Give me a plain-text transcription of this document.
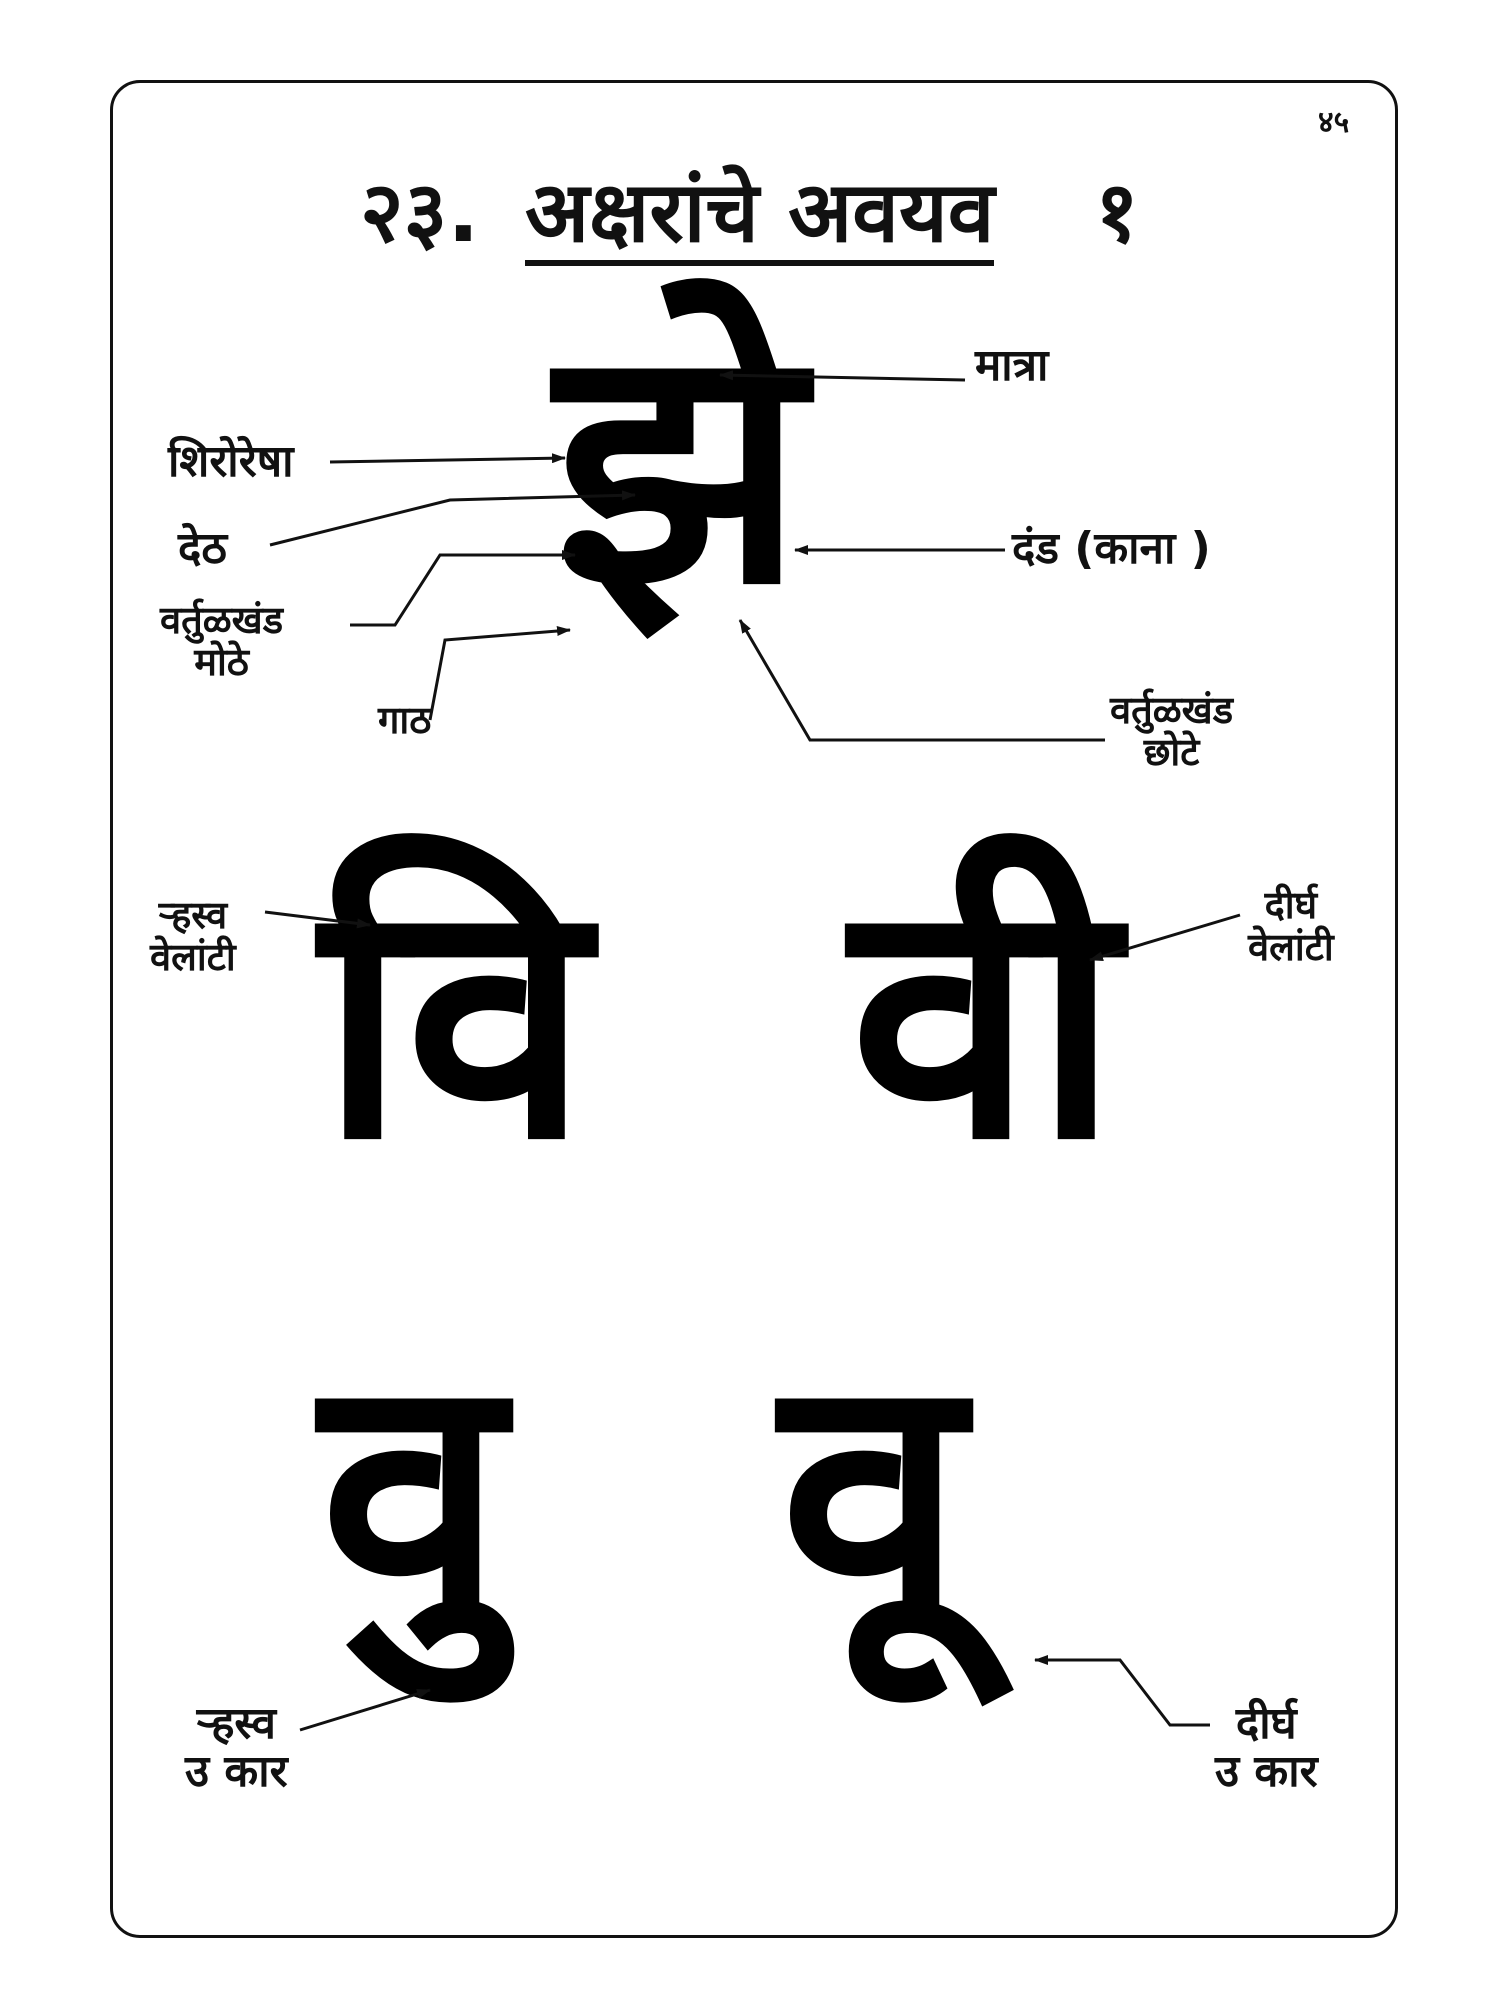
४५
२३. अक्षरांचे अवयव १
झे	मात्रा
शिरोरेषा
देठ
वर्तुळखंड
मोठे
गाठ
दंड (काना )
वर्तुळखंड
छोटे
वि वी
ऱ्हस्व
वेलांटी
दीर्घ
वेलांटी
वु वू
ऱ्हस्व
उ कार
दीर्घ
उ कार
